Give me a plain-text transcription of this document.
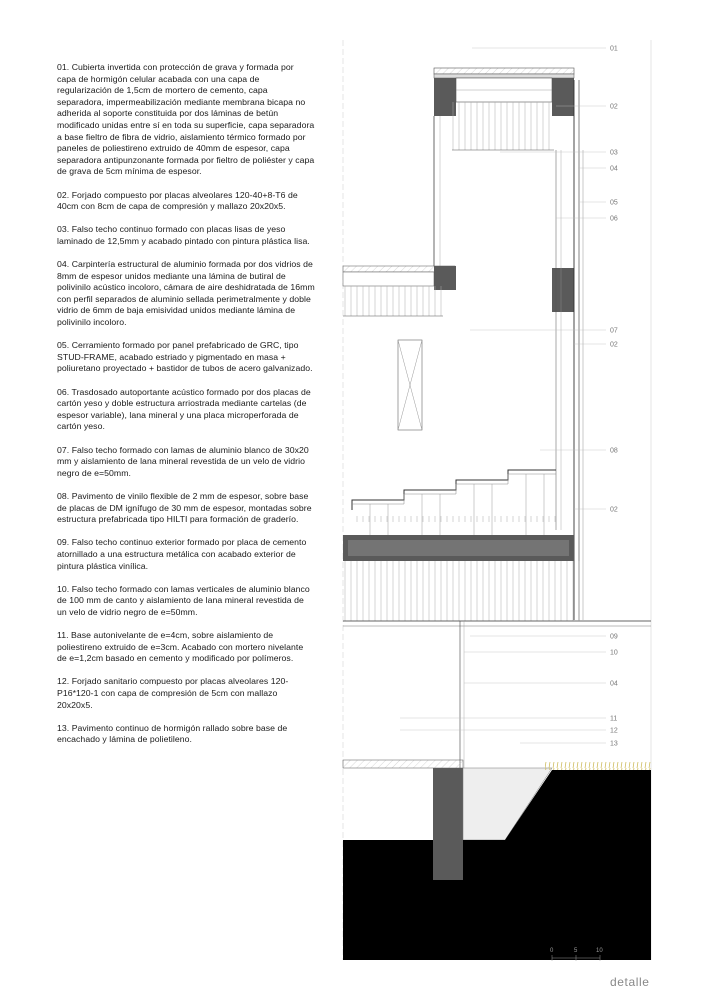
01. Cubierta invertida con protección de grava y formada por capa de hormigón celular acabada con una capa de regularización de 1,5cm de mortero de cemento, capa separadora, impermeabilización mediante membrana bicapa no adherida al soporte constituida por dos láminas de betún modificado unidas entre sí en toda su superficie, capa separadora a base fieltro de fibra de vidrio, aislamiento térmico formado por paneles de poliestireno extruido de 40mm de espesor, capa separadora antipunzonante formada por fieltro de poliéster y capa de grava de 5cm mínima de espesor.

02. Forjado compuesto por placas alveolares 120-40+8-T6 de 40cm con 8cm de capa de compresión y mallazo 20x20x5.

03. Falso techo continuo formado con placas lisas de yeso laminado de 12,5mm y acabado pintado con pintura plástica lisa.

04. Carpintería estructural de aluminio formada por dos vidrios de 8mm de espesor unidos mediante una lámina de butiral de polivinilo acústico incoloro, cámara de aire deshidratada de 16mm con perfil separados de aluminio sellada perimetralmente y doble vidrio de 6mm de baja emisividad unidos mediante lámina de polivinilo incoloro.

05. Cerramiento formado por panel prefabricado de GRC, tipo STUD-FRAME, acabado estriado y pigmentado en masa + poliuretano proyectado + bastidor de tubos de acero galvanizado.

06. Trasdosado autoportante acústico formado por dos placas de cartón yeso y doble estructura arriostrada mediante cartelas (de espesor variable), lana mineral y una placa microperforada de cartón yeso.

07. Falso techo formado con lamas de aluminio blanco de 30x20 mm y aislamiento de lana mineral revestida de un velo de vidrio negro de e=50mm.

08. Pavimento de vinilo flexible de 2 mm de espesor, sobre base de placas de DM ignífugo de 30 mm de espesor, montadas sobre estructura prefabricada tipo HILTI para formación de graderío.

09. Falso techo continuo exterior formado por placa de cemento atornillado a una estructura metálica con acabado exterior de pintura plástica vinílica.

10. Falso techo formado con lamas verticales de aluminio blanco de 100 mm de canto y aislamiento de lana mineral revestida de un velo de vidrio negro de e=50mm.

11. Base autonivelante de e=4cm, sobre aislamiento de poliestireno extruido de e=3cm. Acabado con mortero nivelante de e=1,2cm basado en cemento y modificado por polímeros.

12. Forjado sanitario compuesto por placas alveolares 120-P16*120-1 con capa de compresión de 5cm con mallazo 20x20x5.

13. Pavimento continuo de hormigón rallado sobre base de encachado y lámina de polietileno.

01
02
03
04
05
06
07
02
08
02
09
10
04
11
12
13
0	5	10
detalle
